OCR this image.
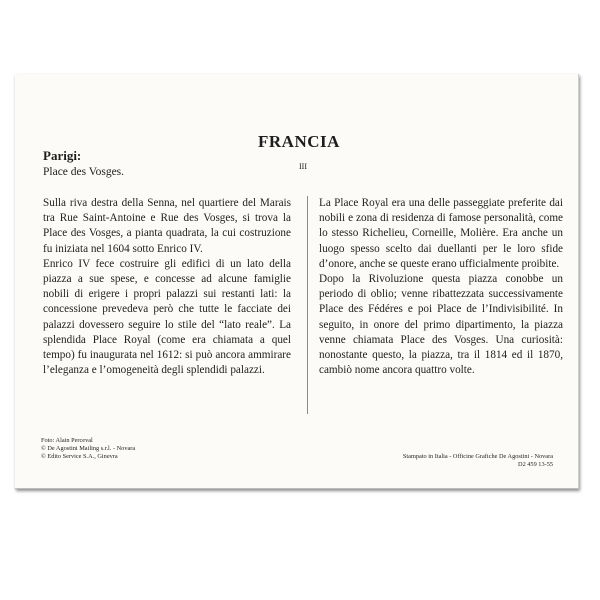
FRANCIA
Parigi:
Place des Vosges.	III

Sulla riva destra della Senna, nel quartiere del Marais tra Rue Saint-Antoine e Rue des Vosges, si trova la Place des Vosges, a pianta quadrata, la cui costruzione fu iniziata nel 1604 sotto Enrico IV.

Enrico IV fece costruire gli edifici di un lato della piazza a sue spese, e concesse ad alcune famiglie nobili di erigere i propri palazzi sui restanti lati: la concessione prevedeva però che tutte le facciate dei palazzi dovessero seguire lo stile del “lato reale”. La splendida Place Royal (come era chiamata a quel tempo) fu inaugurata nel 1612: si può ancora ammirare l’eleganza e l’omogeneità degli splendidi palazzi.

La Place Royal era una delle passeggiate preferite dai nobili e zona di residenza di famose personalità, come lo stesso Richelieu, Corneille, Molière. Era anche un luogo spesso scelto dai duellanti per le loro sfide d’onore, anche se queste erano ufficialmente proibite.

Dopo la Rivoluzione questa piazza conobbe un periodo di oblio; venne ribattezzata successivamente Place des Fédéres e poi Place de l’Indivisibilité. In seguito, in onore del primo dipartimento, la piazza venne chiamata Place des Vosges. Una curiosità: nonostante questo, la piazza, tra il 1814 ed il 1870, cambiò nome ancora quattro volte.

Foto: Alain Perceval
© De Agostini Mailing s.r.l. - Novara
© Edito Service S.A., Ginevra	Stampato in Italia - Officine Grafiche De Agostini - Novara
D2 459 13-55
